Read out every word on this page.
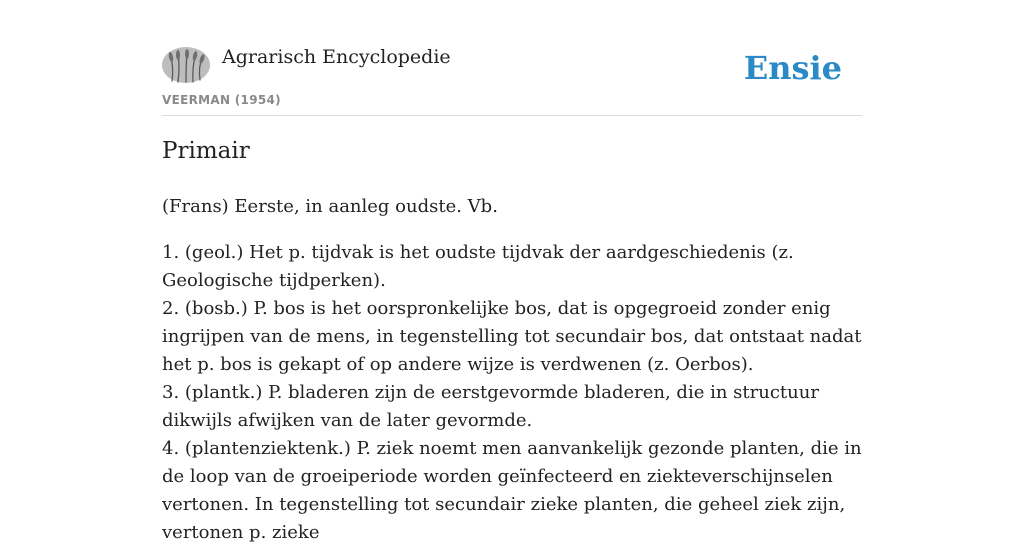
Agrarisch Encyclopedie
VEERMAN (1954)
Ensie
Primair

(Frans) Eerste, in aanleg oudste. Vb.

1. (geol.) Het p. tijdvak is het oudste tijdvak der aardgeschiedenis (z. Geologische tijdperken).

2. (bosb.) P. bos is het oorspronkelijke bos, dat is opgegroeid zonder enig ingrijpen van de mens, in tegenstelling tot secundair bos, dat ontstaat nadat het p. bos is gekapt of op andere wijze is verdwenen (z. Oerbos).

3. (plantk.) P. bladeren zijn de eerstgevormde bladeren, die in structuur dikwijls afwijken van de later gevormde.

4. (plantenziektenk.) P. ziek noemt men aanvankelijk gezonde planten, die in de loop van de groeiperiode worden geïnfecteerd en ziekteverschijnselen vertonen. In tegenstelling tot secundair zieke planten, die geheel ziek zijn, vertonen p. zieke
